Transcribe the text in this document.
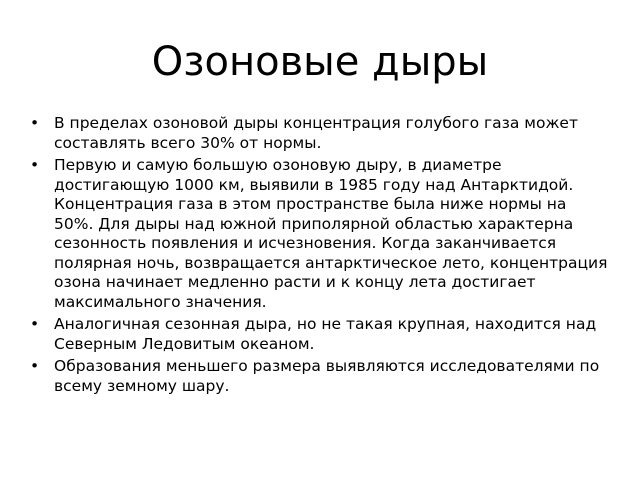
Озоновые дыры
• В пределах озоновой дыры концентрация голубого газа может составлять всего 30% от нормы.
• Первую и самую большую озоновую дыру, в диаметре достигающую 1000 км, выявили в 1985 году над Антарктидой. Концентрация газа в этом пространстве была ниже нормы на 50%. Для дыры над южной приполярной областью характерна сезонность появления и исчезновения. Когда заканчивается полярная ночь, возвращается антарктическое лето, концентрация озона начинает медленно расти и к концу лета достигает максимального значения.
• Аналогичная сезонная дыра, но не такая крупная, находится над Северным Ледовитым океаном.
• Образования меньшего размера выявляются исследователями по всему земному шару.
